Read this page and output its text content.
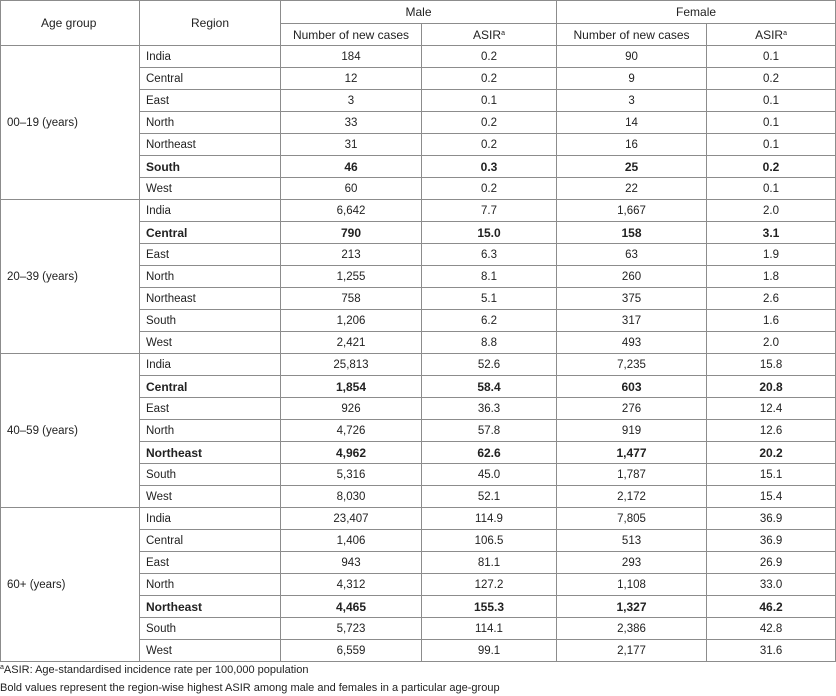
Age group	Region	Male		Female	
		Number of new cases	ASIR$^a$	Number of new cases	ASIR$^a$
00–19 (years)	India	184	0.2	90	0.1
	Central	12	0.2	9	0.2
	East	3	0.1	3	0.1
	North	33	0.2	14	0.1
	Northeast	31	0.2	16	0.1
	South	46	0.3	25	0.2
	West	60	0.2	22	0.1
20–39 (years)	India	6,642	7.7	1,667	2.0
	Central	790	15.0	158	3.1
	East	213	6.3	63	1.9
	North	1,255	8.1	260	1.8
	Northeast	758	5.1	375	2.6
	South	1,206	6.2	317	1.6
	West	2,421	8.8	493	2.0
40–59 (years)	India	25,813	52.6	7,235	15.8
	Central	1,854	58.4	603	20.8
	East	926	36.3	276	12.4
	North	4,726	57.8	919	12.6
	Northeast	4,962	62.6	1,477	20.2
	South	5,316	45.0	1,787	15.1
	West	8,030	52.1	2,172	15.4
60+ (years)	India	23,407	114.9	7,805	36.9
	Central	1,406	106.5	513	36.9
	East	943	81.1	293	26.9
	North	4,312	127.2	1,108	33.0
	Northeast	4,465	155.3	1,327	46.2
	South	5,723	114.1	2,386	42.8
	West	6,559	99.1	2,177	31.6
$^a$ASIR: Age-standardised incidence rate per 100,000 population
Bold values represent the region-wise highest ASIR among male and females in a particular age-group
